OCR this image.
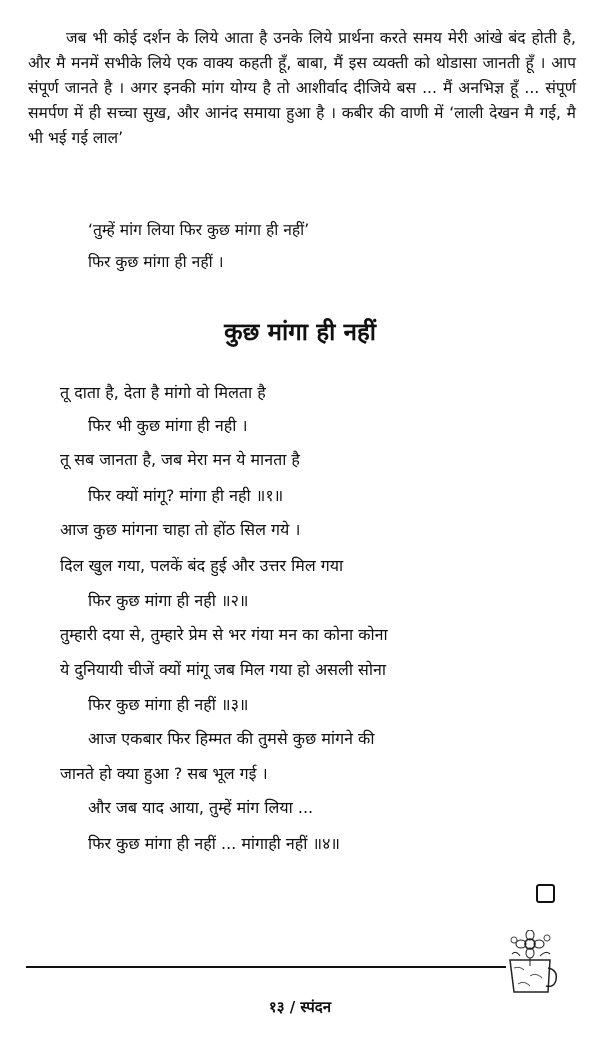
जब भी कोई दर्शन के लिये आता है उनके लिये प्रार्थना करते समय मेरी आंखे बंद होती है, और मै मनमें सभीके लिये एक वाक्य कहती हूँ, बाबा, मैं इस व्यक्ती को थोडासा जानती हूँ । आप संपूर्ण जानते है । अगर इनकी मांग योग्य है तो आशीर्वाद दीजिये बस ... मैं अनभिज्ञ हूँ ... संपूर्ण समर्पण में ही सच्चा सुख, और आनंद समाया हुआ है । कबीर की वाणी में ‘लाली देखन मै गई, मै भी भई गई लाल’

‘तुम्हें मांग लिया फिर कुछ मांगा ही नहीं’
फिर कुछ मांगा ही नहीं ।
कुछ मांगा ही नहीं
तू दाता है, देता है मांगो वो मिलता है
फिर भी कुछ मांगा ही नही ।
तू सब जानता है, जब मेरा मन ये मानता है
फिर क्यों मांगू? मांगा ही नही ॥१॥
आज कुछ मांगना चाहा तो होंठ सिल गये ।
दिल खुल गया, पलकें बंद हुई और उत्तर मिल गया
फिर कुछ मांगा ही नही ॥२॥
तुम्हारी दया से, तुम्हारे प्रेम से भर गंया मन का कोना कोना
ये दुनियायी चीजें क्यों मांगू जब मिल गया हो असली सोना
फिर कुछ मांगा ही नहीं ॥३॥
आज एकबार फिर हिम्मत की तुमसे कुछ मांगने की
जानते हो क्या हुआ ? सब भूल गई ।
और जब याद आया, तुम्हें मांग लिया ...
फिर कुछ मांगा ही नहीं ... मांगाही नहीं ॥४॥
१३ / स्पंदन
